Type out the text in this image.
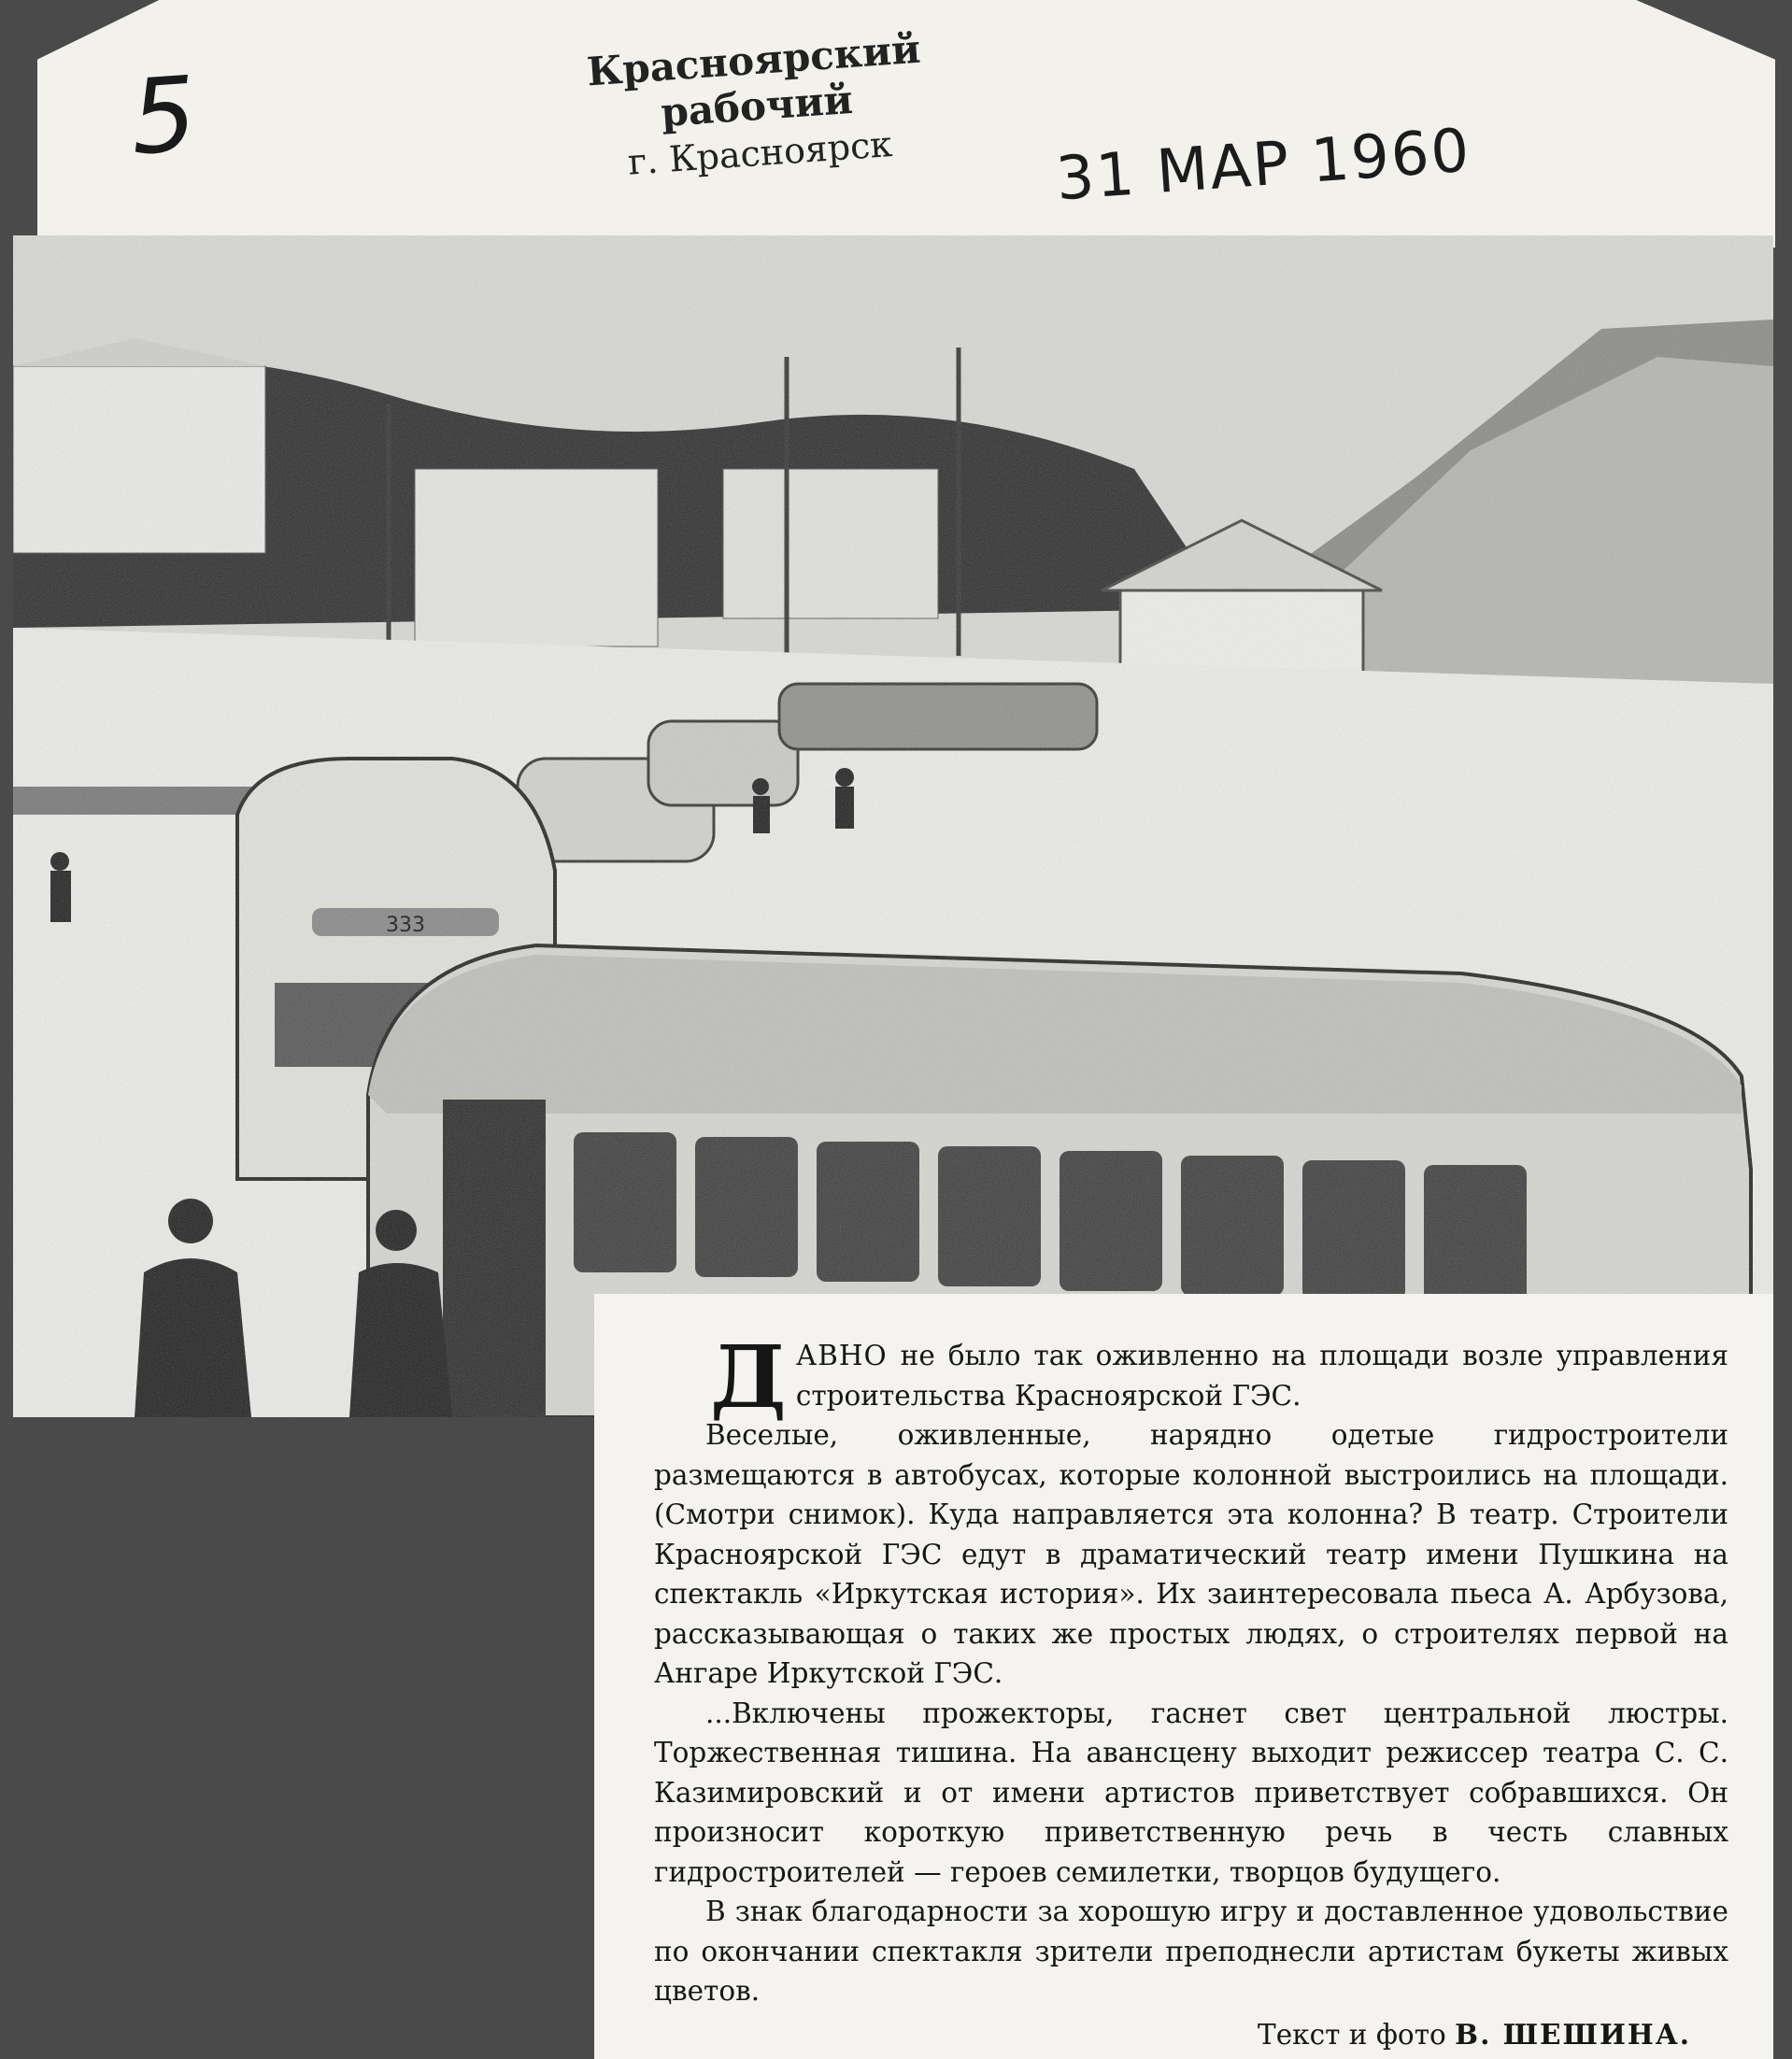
5	Красноярский рабочий
г. Красноярск	31 МАР 1960

ДАВНО не было так оживленно на площади возле управления строительства Красноярской ГЭС.

Веселые, оживленные, нарядно одетые гидростроители размещаются в автобусах, которые колонной выстроились на площади. (Смотри снимок). Куда направляется эта колонна? В театр. Строители Красноярской ГЭС едут в драматический театр имени Пушкина на спектакль «Иркутская история». Их заинтересовала пьеса А. Арбузова, рассказывающая о таких же простых людях, о строителях первой на Ангаре Иркутской ГЭС.

...Включены прожекторы, гаснет свет центральной люстры. Торжественная тишина. На авансцену выходит режиссер театра С. С. Казимировский и от имени артистов приветствует собравшихся. Он произносит короткую приветственную речь в честь славных гидростроителей — героев семилетки, творцов будущего.

В знак благодарности за хорошую игру и доставленное удовольствие по окончании спектакля зрители преподнесли артистам букеты живых цветов.

Текст и фото В. ШЕШИНА.
